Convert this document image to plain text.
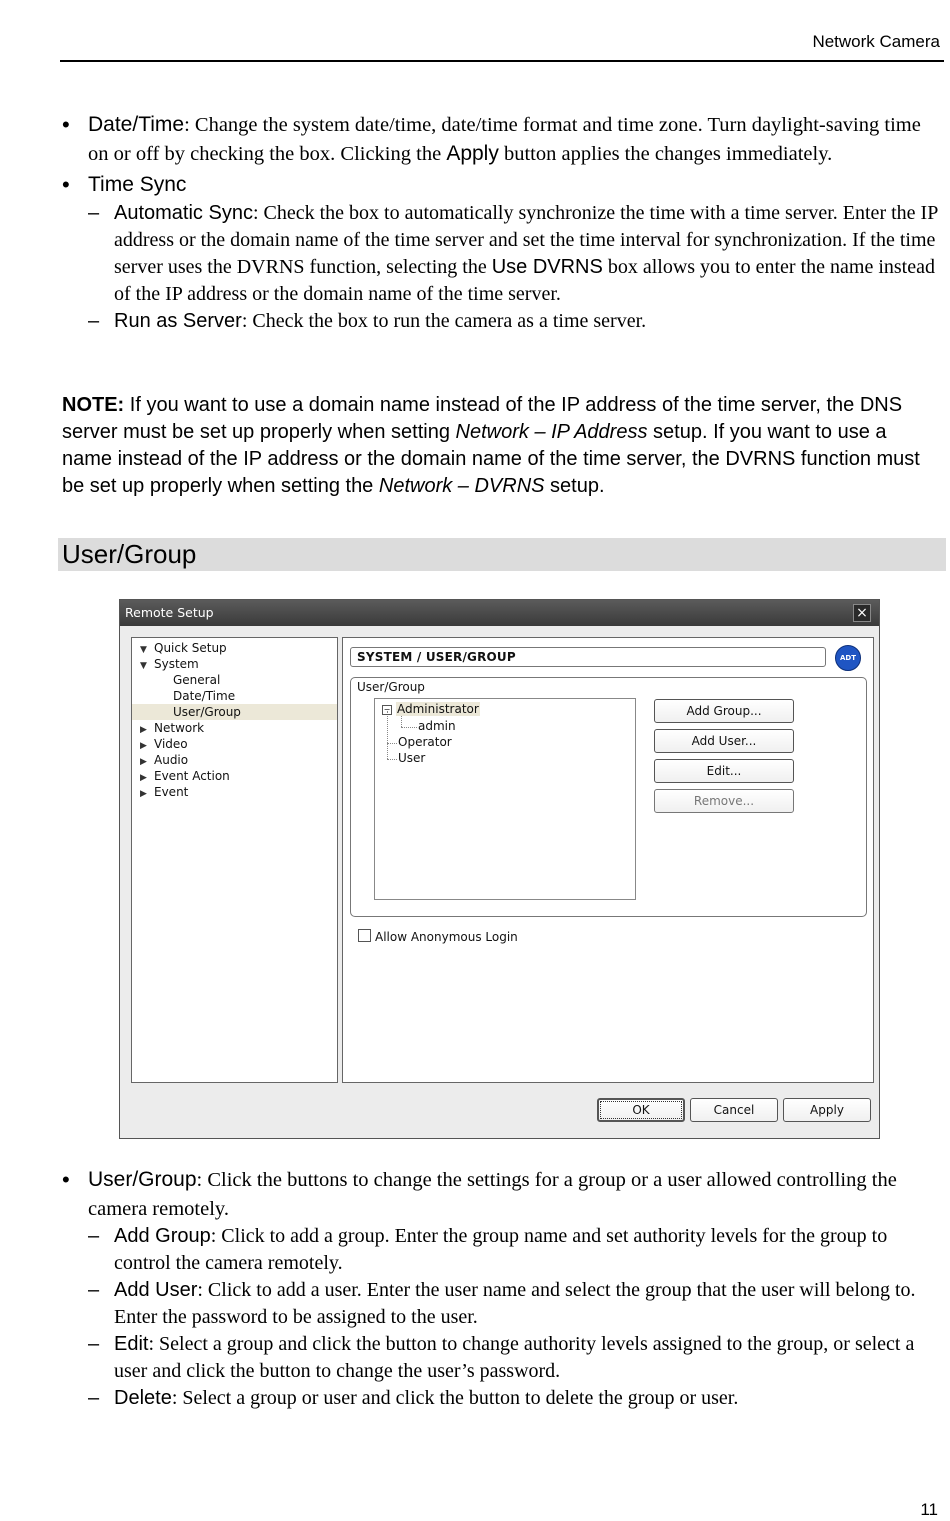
Network Camera
• Date/Time: Change the system date/time, date/time format and time zone. Turn daylight-saving time on or off by checking the box. Clicking the Apply button applies the changes immediately.
• Time Sync
– Automatic Sync: Check the box to automatically synchronize the time with a time server. Enter the IP address or the domain name of the time server and set the time interval for synchronization. If the time server uses the DVRNS function, selecting the Use DVRNS box allows you to enter the name instead of the IP address or the domain name of the time server.
– Run as Server: Check the box to run the camera as a time server.
NOTE: If you want to use a domain name instead of the IP address of the time server, the DNS server must be set up properly when setting Network – IP Address setup. If you want to use a name instead of the IP address or the domain name of the time server, the DVRNS function must be set up properly when setting the Network – DVRNS setup.
User/Group
Remote Setup	×
▼ Quick Setup
▼ System
General
Date/Time
User/Group
▶ Network
▶ Video
▶ Audio
▶ Event Action
▶ Event
SYSTEM / USER/GROUP	ADT
User/Group
− Administrator
admin
Operator
User
Add Group...
Add User...
Edit...
Remove...
Allow Anonymous Login
OK	Cancel	Apply
• User/Group: Click the buttons to change the settings for a group or a user allowed controlling the camera remotely.
– Add Group: Click to add a group. Enter the group name and set authority levels for the group to control the camera remotely.
– Add User: Click to add a user. Enter the user name and select the group that the user will belong to. Enter the password to be assigned to the user.
– Edit: Select a group and click the button to change authority levels assigned to the group, or select a user and click the button to change the user’s password.
– Delete: Select a group or user and click the button to delete the group or user.
11
